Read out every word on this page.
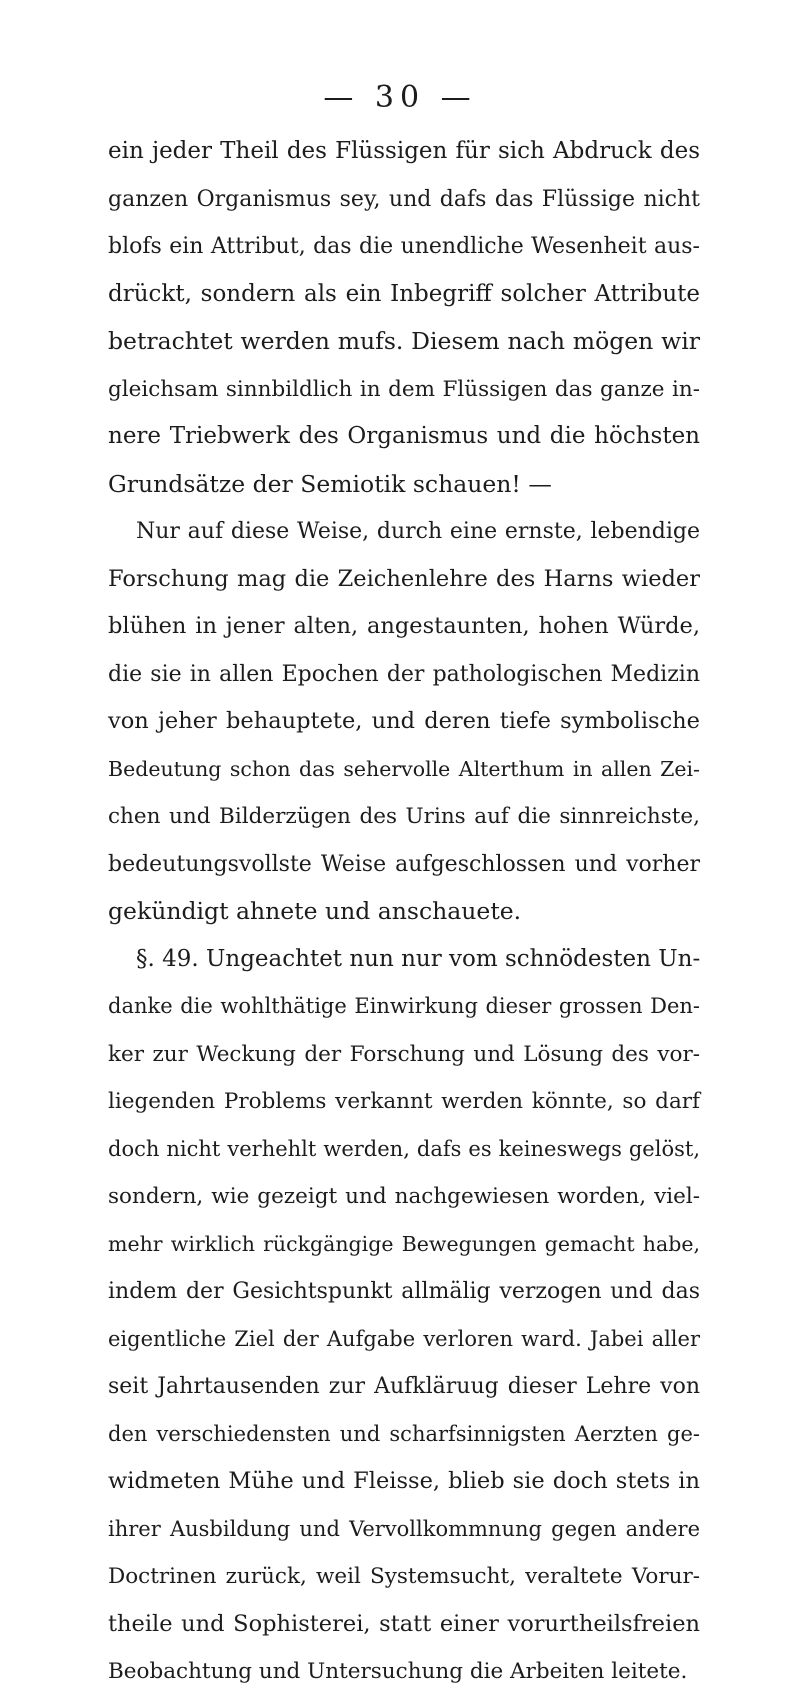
— 30 —
ein jeder Theil des Flüssigen für sich Abdruck des
ganzen Organismus sey, und dafs das Flüssige nicht
blofs ein Attribut, das die unendliche Wesenheit aus-
drückt, sondern als ein Inbegriff solcher Attribute
betrachtet werden mufs. Diesem nach mögen wir
gleichsam sinnbildlich in dem Flüssigen das ganze in-
nere Triebwerk des Organismus und die höchsten
Grundsätze der Semiotik schauen! —
Nur auf diese Weise, durch eine ernste, lebendige
Forschung mag die Zeichenlehre des Harns wieder
blühen in jener alten, angestaunten, hohen Würde,
die sie in allen Epochen der pathologischen Medizin
von jeher behauptete, und deren tiefe symbolische
Bedeutung schon das sehervolle Alterthum in allen Zei-
chen und Bilderzügen des Urins auf die sinnreichste,
bedeutungsvollste Weise aufgeschlossen und vorher
gekündigt ahnete und anschauete.
§. 49. Ungeachtet nun nur vom schnödesten Un-
danke die wohlthätige Einwirkung dieser grossen Den-
ker zur Weckung der Forschung und Lösung des vor-
liegenden Problems verkannt werden könnte, so darf
doch nicht verhehlt werden, dafs es keineswegs gelöst,
sondern, wie gezeigt und nachgewiesen worden, viel-
mehr wirklich rückgängige Bewegungen gemacht habe,
indem der Gesichtspunkt allmälig verzogen und das
eigentliche Ziel der Aufgabe verloren ward. Jabei aller
seit Jahrtausenden zur Aufkläruug dieser Lehre von
den verschiedensten und scharfsinnigsten Aerzten ge-
widmeten Mühe und Fleisse, blieb sie doch stets in
ihrer Ausbildung und Vervollkommnung gegen andere
Doctrinen zurück, weil Systemsucht, veraltete Vorur-
theile und Sophisterei, statt einer vorurtheilsfreien
Beobachtung und Untersuchung die Arbeiten leitete.
